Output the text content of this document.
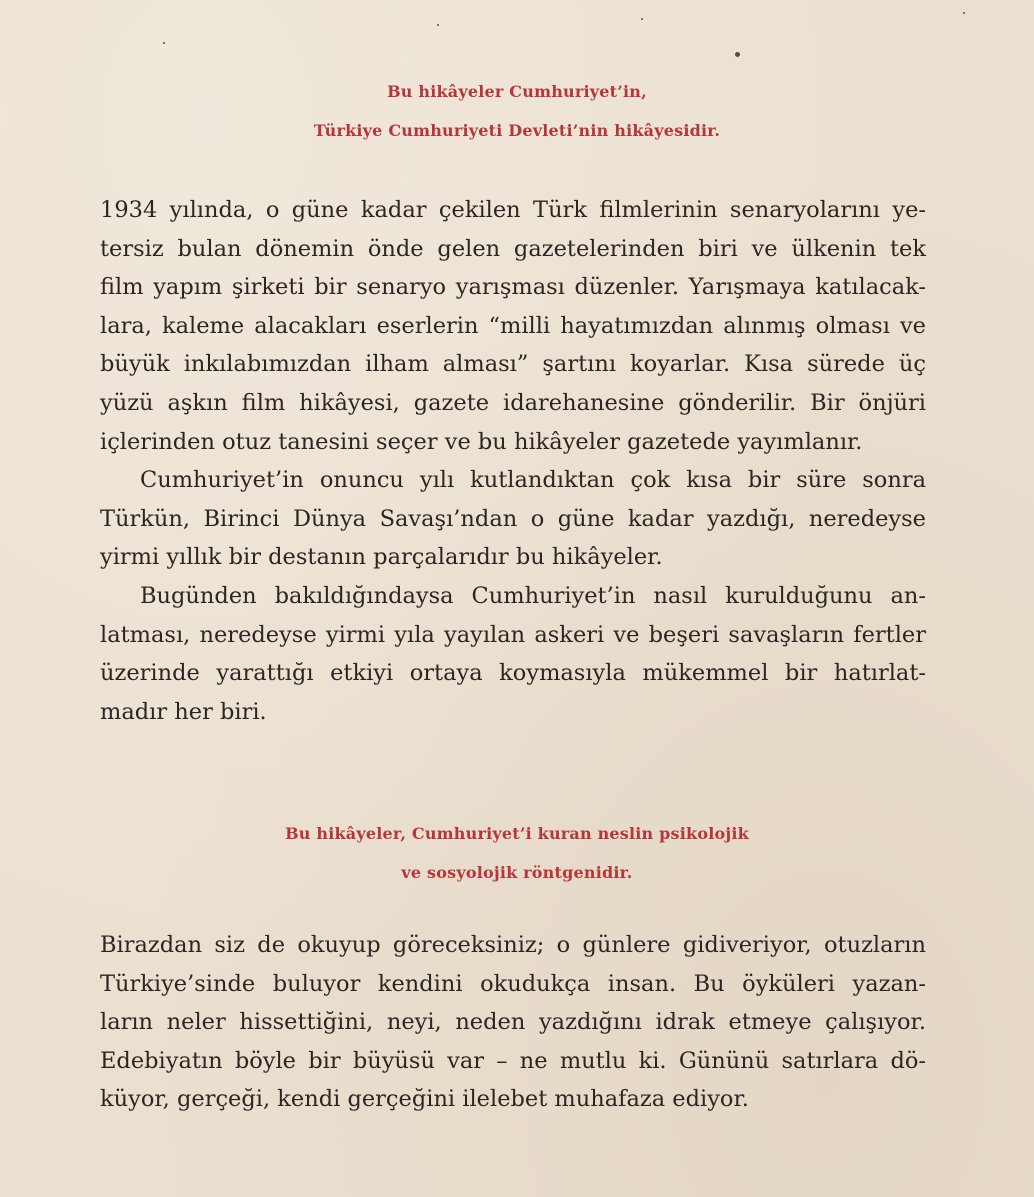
Bu hikâyeler Cumhuriyet’in,
Türkiye Cumhuriyeti Devleti’nin hikâyesidir.
1934 yılında, o güne kadar çekilen Türk filmlerinin senaryolarını ye-
tersiz bulan dönemin önde gelen gazetelerinden biri ve ülkenin tek
film yapım şirketi bir senaryo yarışması düzenler. Yarışmaya katılacak-
lara, kaleme alacakları eserlerin “milli hayatımızdan alınmış olması ve
büyük inkılabımızdan ilham alması” şartını koyarlar. Kısa sürede üç
yüzü aşkın film hikâyesi, gazete idarehanesine gönderilir. Bir önjüri
içlerinden otuz tanesini seçer ve bu hikâyeler gazetede yayımlanır.
Cumhuriyet’in onuncu yılı kutlandıktan çok kısa bir süre sonra
Türkün, Birinci Dünya Savaşı’ndan o güne kadar yazdığı, neredeyse
yirmi yıllık bir destanın parçalarıdır bu hikâyeler.
Bugünden bakıldığındaysa Cumhuriyet’in nasıl kurulduğunu an-
latması, neredeyse yirmi yıla yayılan askeri ve beşeri savaşların fertler
üzerinde yarattığı etkiyi ortaya koymasıyla mükemmel bir hatırlat-
madır her biri.
Bu hikâyeler, Cumhuriyet’i kuran neslin psikolojik
ve sosyolojik röntgenidir.
Birazdan siz de okuyup göreceksiniz; o günlere gidiveriyor, otuzların
Türkiye’sinde buluyor kendini okudukça insan. Bu öyküleri yazan-
ların neler hissettiğini, neyi, neden yazdığını idrak etmeye çalışıyor.
Edebiyatın böyle bir büyüsü var – ne mutlu ki. Gününü satırlara dö-
küyor, gerçeği, kendi gerçeğini ilelebet muhafaza ediyor.
